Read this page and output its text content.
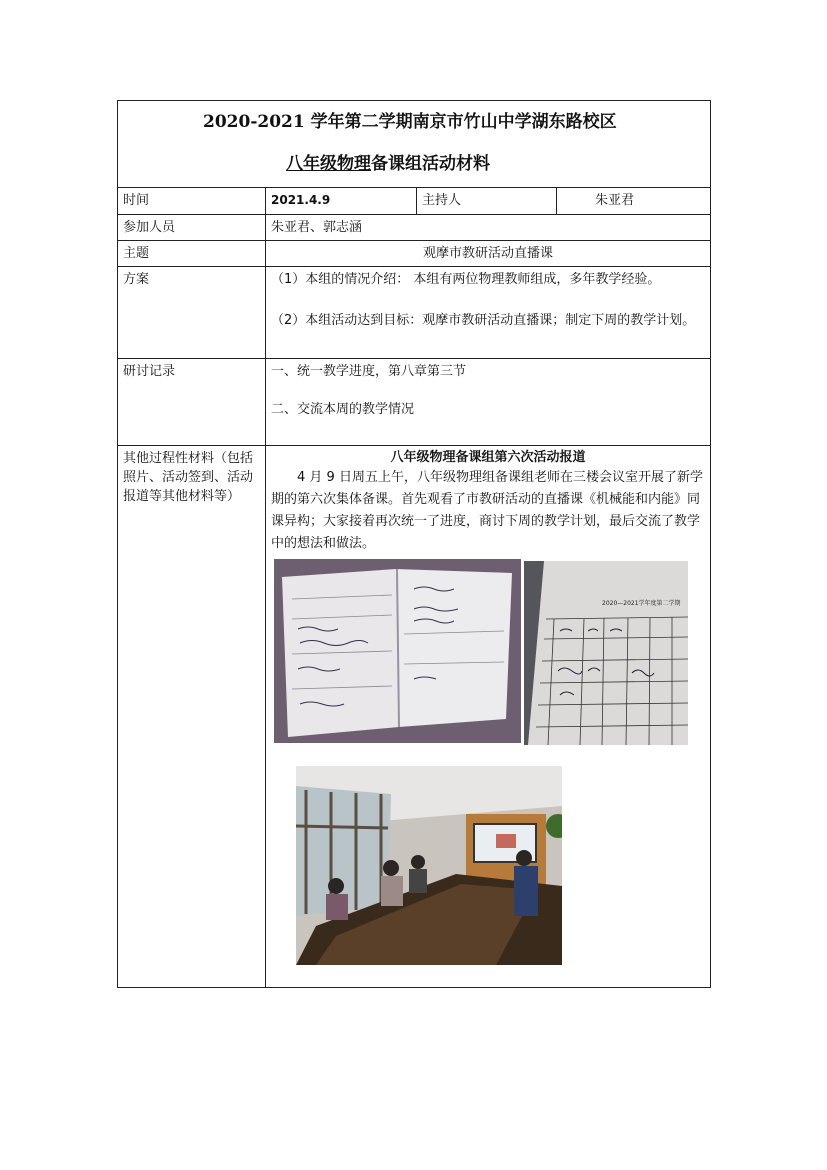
2020-2021 学年第二学期南京市竹山中学湖东路校区
八年级物理备课组活动材料			

时间	2021.4.9	主持人	朱亚君
参加人员	朱亚君、郭志涵		
主题	观摩市教研活动直播课		
方案	（1）本组的情况介绍： 本组有两位物理教师组成，多年教学经验。
（2）本组活动达到目标：观摩市教研活动直播课；制定下周的教学计划。		

研讨记录	一、统一教学进度，第八章第三节
二、交流本周的教学情况		

其他过程性材料（包括照片、活动签到、活动报道等其他材料等）	八年级物理备课组第六次活动报道

4 月 9 日周五上午，八年级物理组备课组老师在三楼会议室开展了新学期的第六次集体备课。首先观看了市教研活动的直播课《机械能和内能》同课异构；大家接着再次统一了进度，商讨下周的教学计划，最后交流了教学中的想法和做法。

2020—2021学年度第二学期		
